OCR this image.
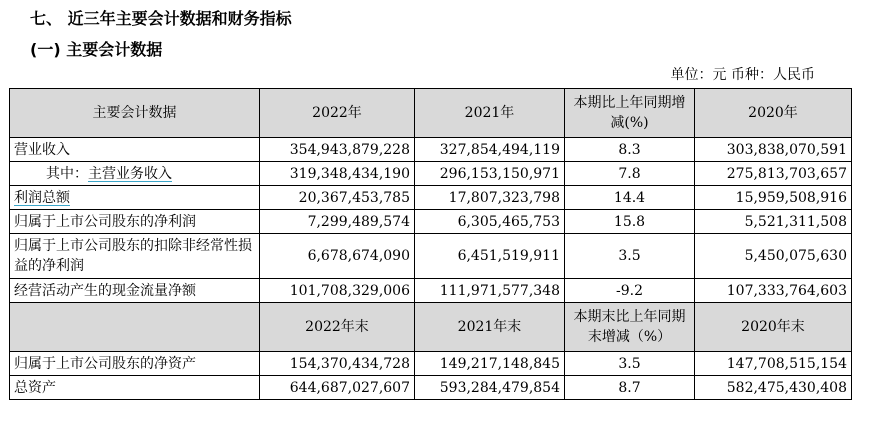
七、 近三年主要会计数据和财务指标
(一) 主要会计数据
单位：元 币种：人民币
主要会计数据	2022年	2021年	本期比上年同期增减(%)	2020年
营业收入	354,943,879,228	327,854,494,119	8.3	303,838,070,591
其中：主营业务收入	319,348,434,190	296,153,150,971	7.8	275,813,703,657
利润总额	20,367,453,785	17,807,323,798	14.4	15,959,508,916
归属于上市公司股东的净利润	7,299,489,574	6,305,465,753	15.8	5,521,311,508
归属于上市公司股东的扣除非经常性损益的净利润	6,678,674,090	6,451,519,911	3.5	5,450,075,630
经营活动产生的现金流量净额	101,708,329,006	111,971,577,348	-9.2	107,333,764,603
	2022年末	2021年末	本期末比上年同期末增减（%）	2020年末
归属于上市公司股东的净资产	154,370,434,728	149,217,148,845	3.5	147,708,515,154
总资产	644,687,027,607	593,284,479,854	8.7	582,475,430,408
